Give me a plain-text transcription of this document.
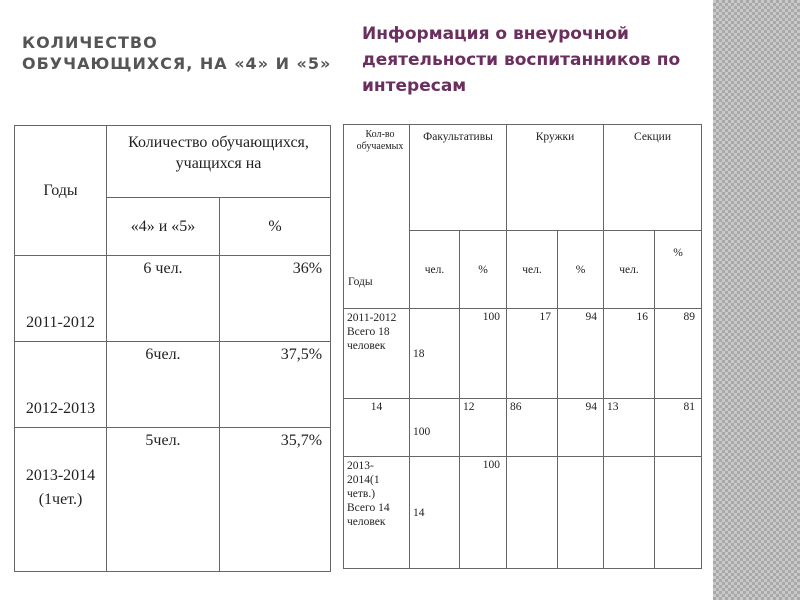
КОЛИЧЕСТВО ОБУЧАЮЩИХСЯ, НА «4» И «5»
Информация о внеурочной деятельности воспитанников по интересам
Годы	Количество обучающихся, учащихся на	
	«4» и «5»	%
2011-2012	6 чел.	36%
2012-2013	6чел.	37,5%
2013-2014 (1чет.)	5чел.	35,7%
Кол-во обучаемых
Годы	Факультативы		Кружки		Секции	
	чел.	%	чел.	%	чел.	%
2011-2012 Всего 18 человек	18	100	17	94	16	89
14	100	12	86	94	13	81
2013-2014(1 четв.) Всего 14 человек	14	100				
